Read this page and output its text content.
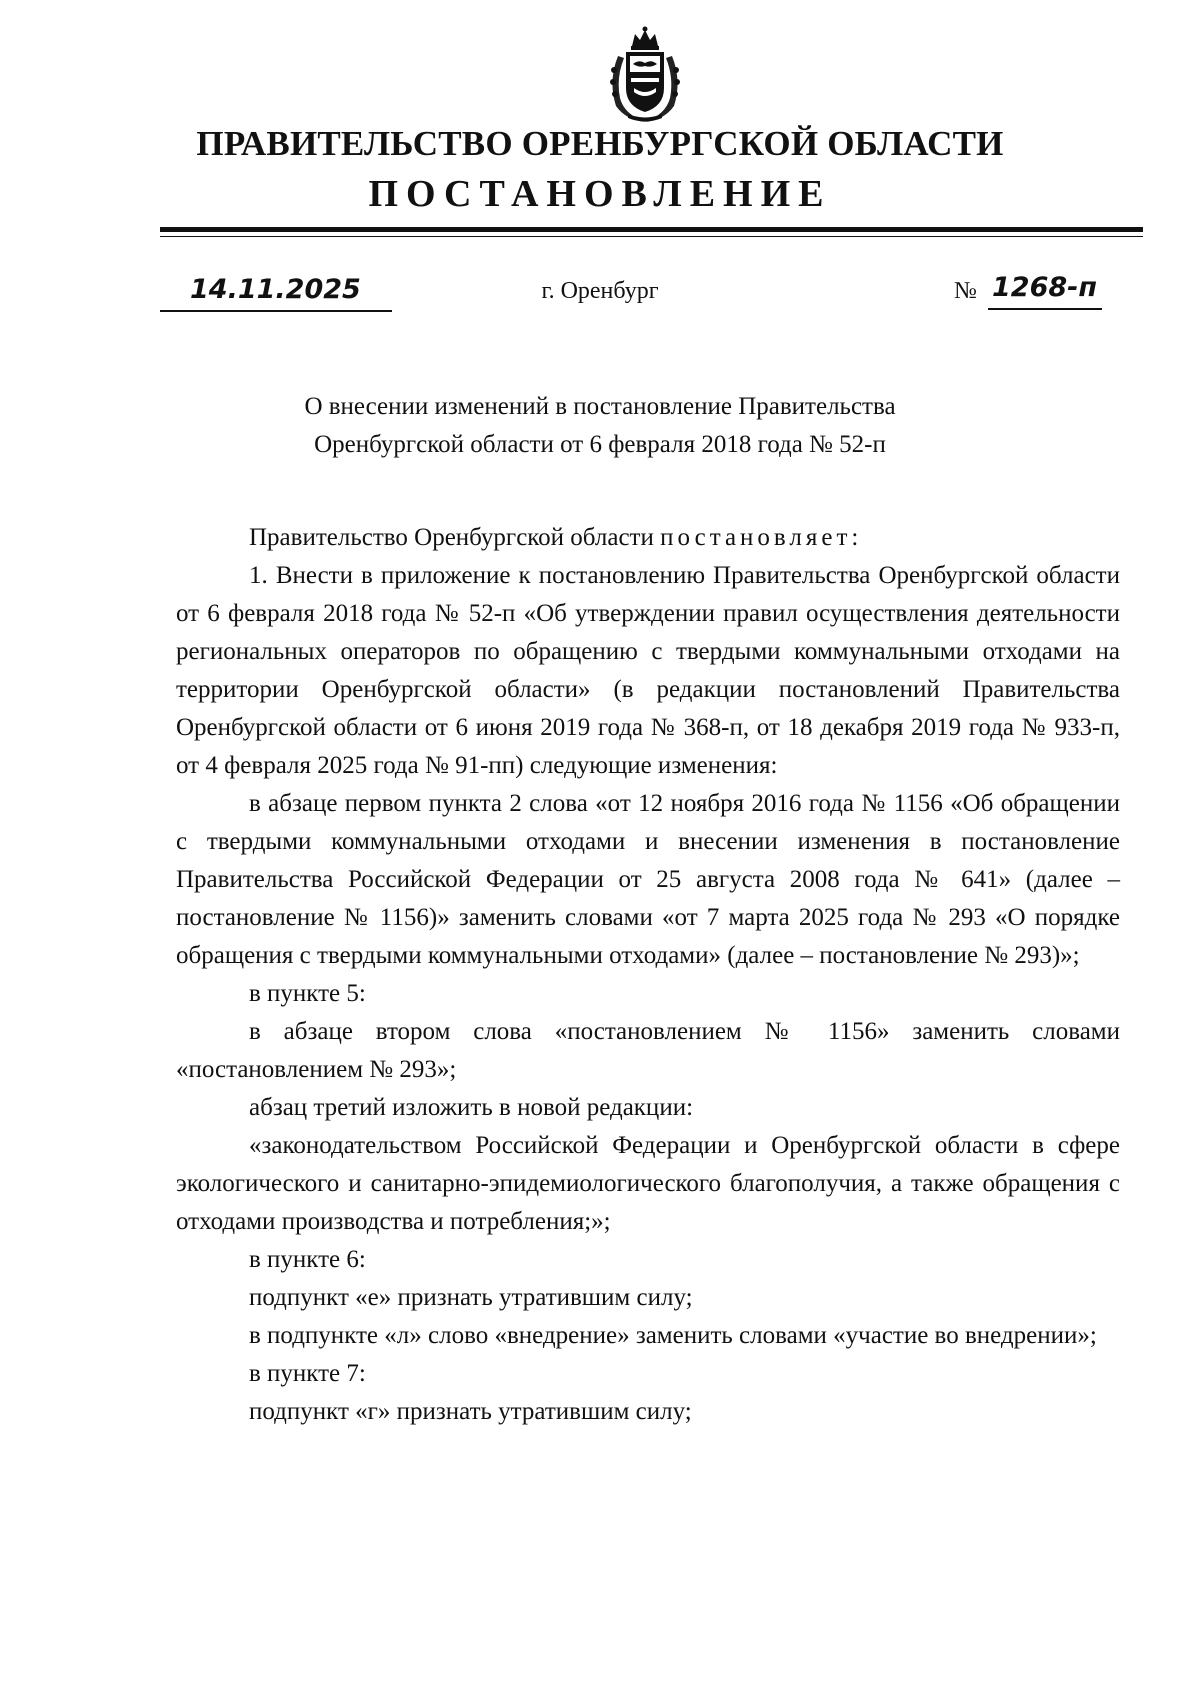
ПРАВИТЕЛЬСТВО ОРЕНБУРГСКОЙ ОБЛАСТИ
ПОСТАНОВЛЕНИЕ
14.11.2025	г. Оренбург	№ 1268-п
О внесении изменений в постановление Правительства
Оренбургской области от 6 февраля 2018 года № 52-п

Правительство Оренбургской области постановляет:

1. Внести в приложение к постановлению Правительства Оренбургской области от 6 февраля 2018 года № 52-п «Об утверждении правил осуществления деятельности региональных операторов по обращению с твердыми коммунальными отходами на территории Оренбургской области» (в редакции постановлений Правительства Оренбургской области от 6 июня 2019 года № 368-п, от 18 декабря 2019 года № 933-п, от 4 февраля 2025 года № 91-пп) следующие изменения:

в абзаце первом пункта 2 слова «от 12 ноября 2016 года № 1156 «Об обращении с твердыми коммунальными отходами и внесении изменения в постановление Правительства Российской Федерации от 25 августа 2008 года № 641» (далее – постановление № 1156)» заменить словами «от 7 марта 2025 года № 293 «О порядке обращения с твердыми коммунальными отходами» (далее – постановление № 293)»;

в пункте 5:

в абзаце втором слова «постановлением № 1156» заменить словами «постановлением № 293»;

абзац третий изложить в новой редакции:

«законодательством Российской Федерации и Оренбургской области в сфере экологического и санитарно-эпидемиологического благополучия, а также обращения с отходами производства и потребления;»;

в пункте 6:

подпункт «е» признать утратившим силу;

в подпункте «л» слово «внедрение» заменить словами «участие во внедрении»;

в пункте 7:

подпункт «г» признать утратившим силу;
